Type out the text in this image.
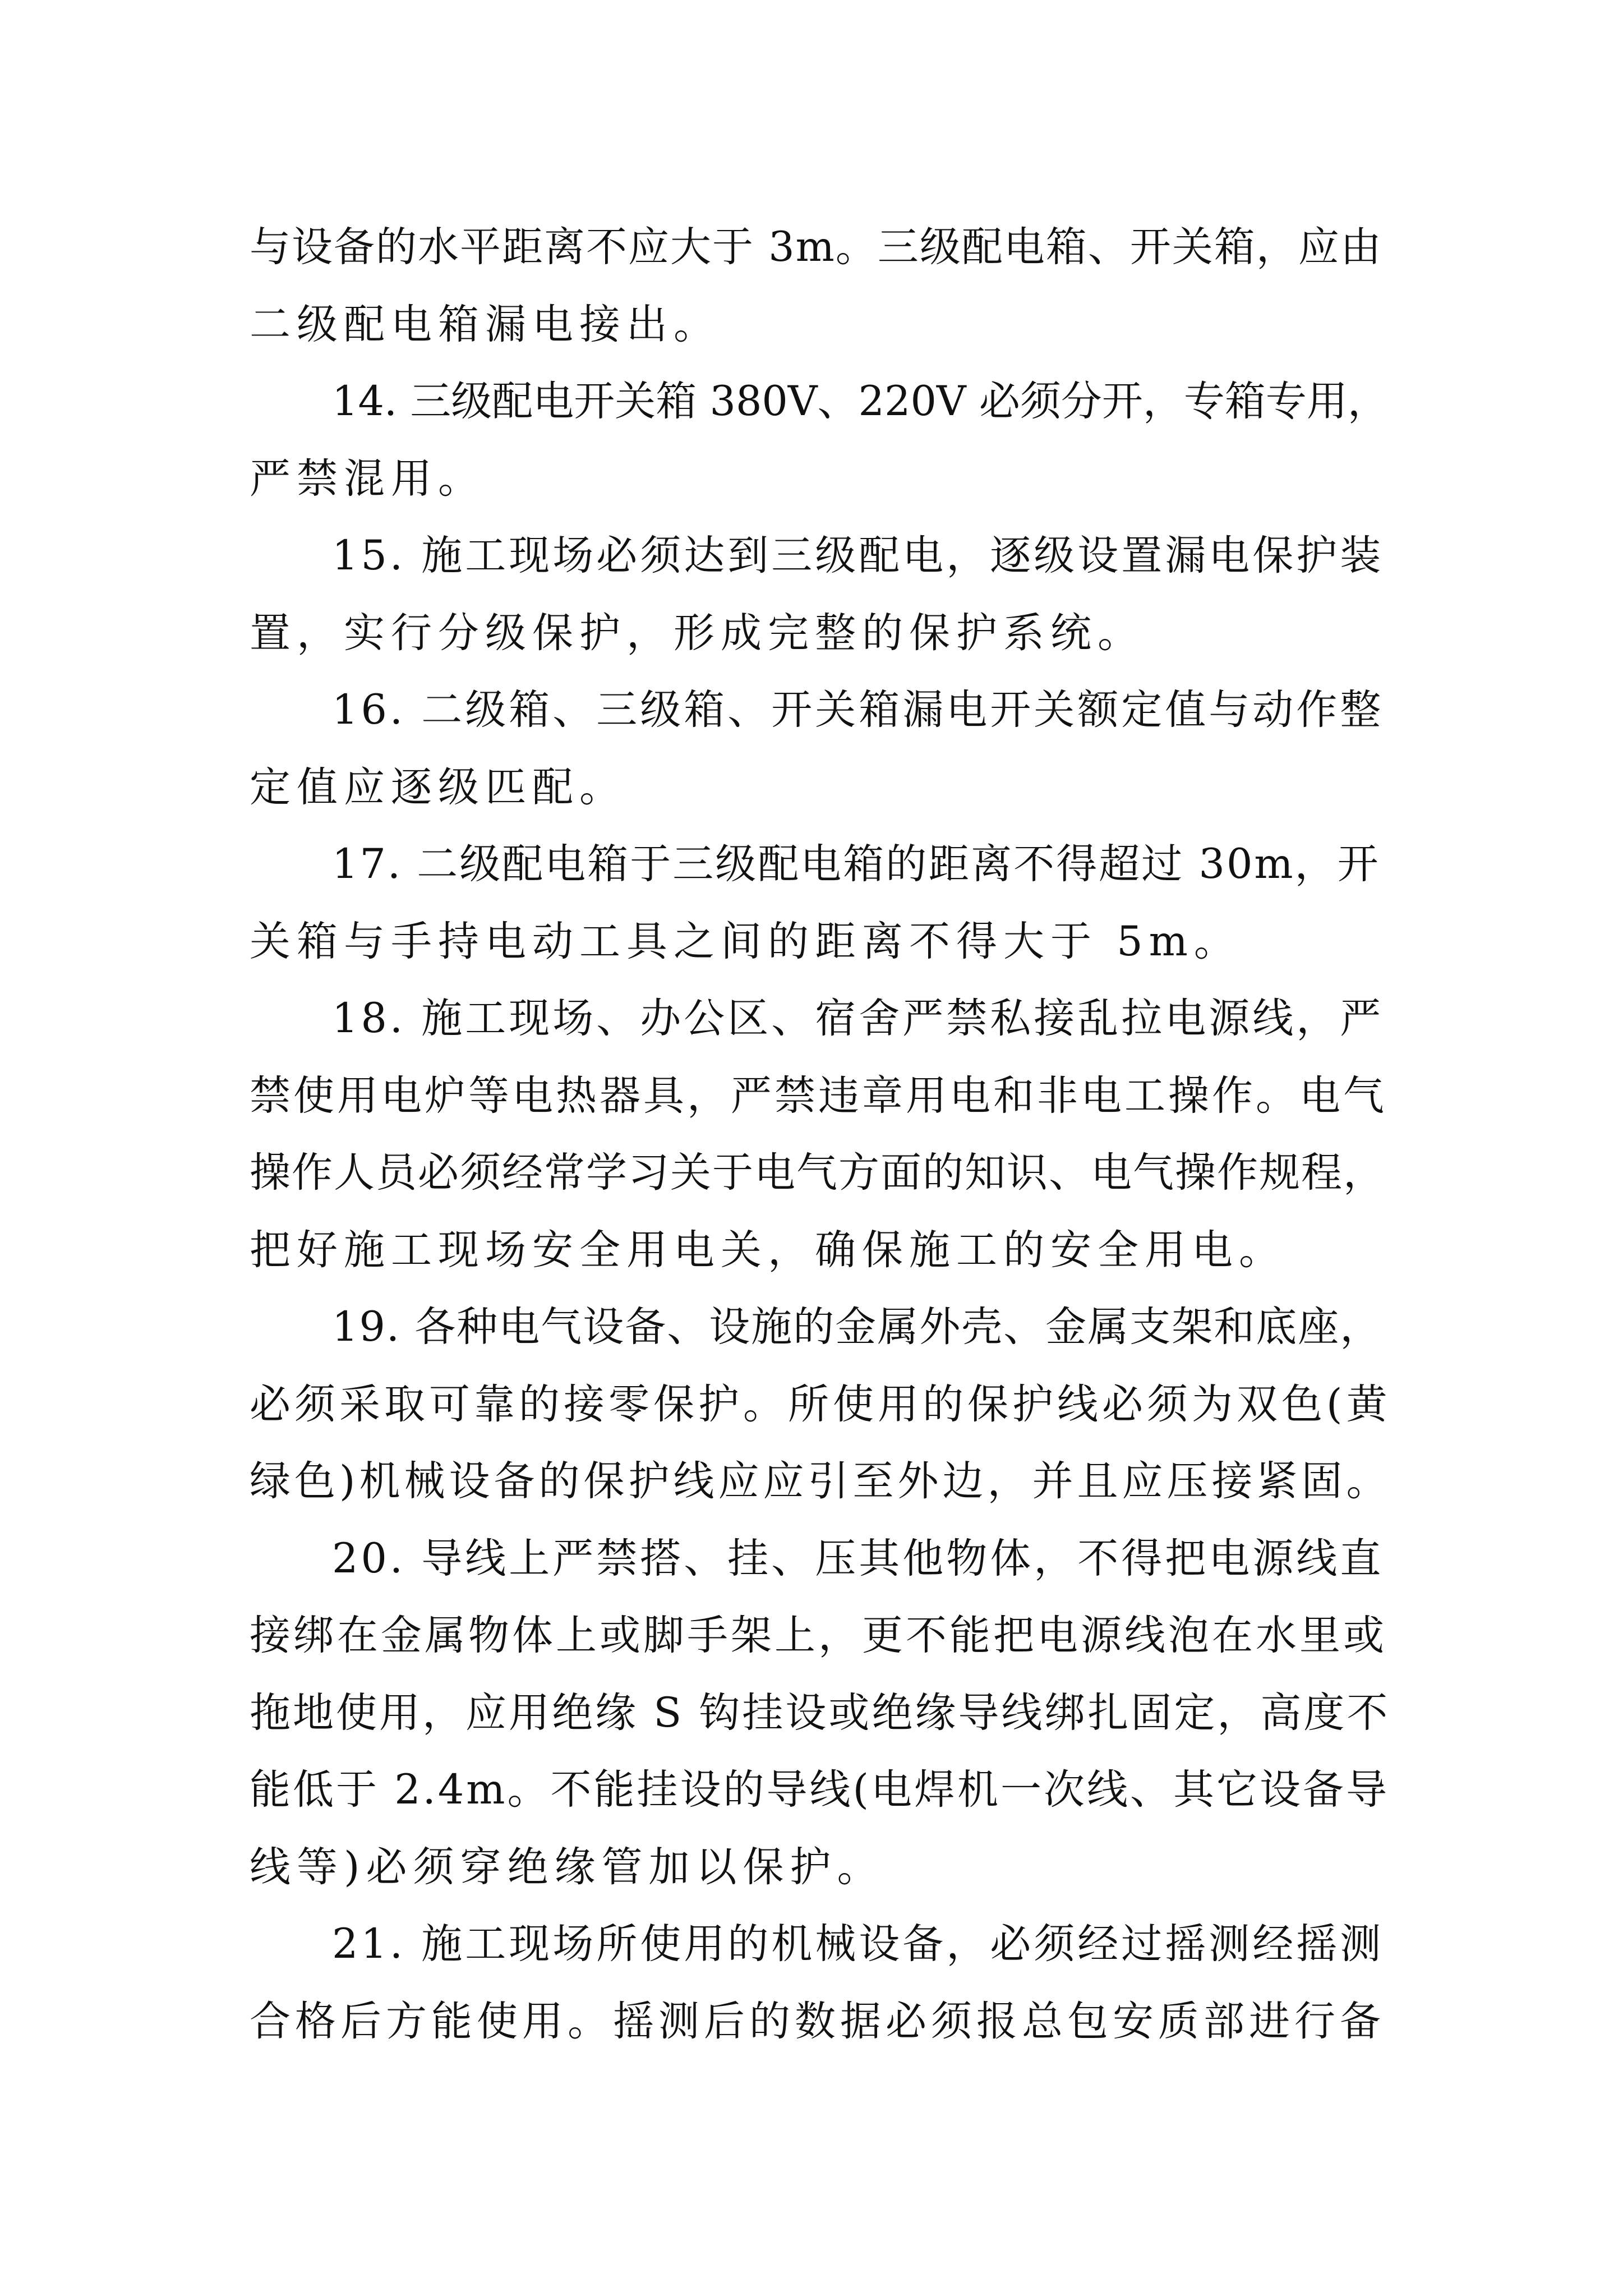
与设备的水平距离不应大于 3m。三级配电箱、开关箱，应由
二级配电箱漏电接出。
14. 三级配电开关箱 380V、220V 必须分开，专箱专用，
严禁混用。
15. 施工现场必须达到三级配电，逐级设置漏电保护装
置，实行分级保护，形成完整的保护系统。
16. 二级箱、三级箱、开关箱漏电开关额定值与动作整
定值应逐级匹配。
17. 二级配电箱于三级配电箱的距离不得超过 30m，开
关箱与手持电动工具之间的距离不得大于 5m。
18. 施工现场、办公区、宿舍严禁私接乱拉电源线，严
禁使用电炉等电热器具，严禁违章用电和非电工操作。电气
操作人员必须经常学习关于电气方面的知识、电气操作规程，
把好施工现场安全用电关，确保施工的安全用电。
19. 各种电气设备、设施的金属外壳、金属支架和底座，
必须采取可靠的接零保护。所使用的保护线必须为双色(黄
绿色)机械设备的保护线应应引至外边，并且应压接紧固。
20. 导线上严禁搭、挂、压其他物体，不得把电源线直
接绑在金属物体上或脚手架上，更不能把电源线泡在水里或
拖地使用，应用绝缘 S 钩挂设或绝缘导线绑扎固定，高度不
能低于 2.4m。不能挂设的导线(电焊机一次线、其它设备导
线等)必须穿绝缘管加以保护。
21. 施工现场所使用的机械设备，必须经过摇测经摇测
合格后方能使用。摇测后的数据必须报总包安质部进行备
